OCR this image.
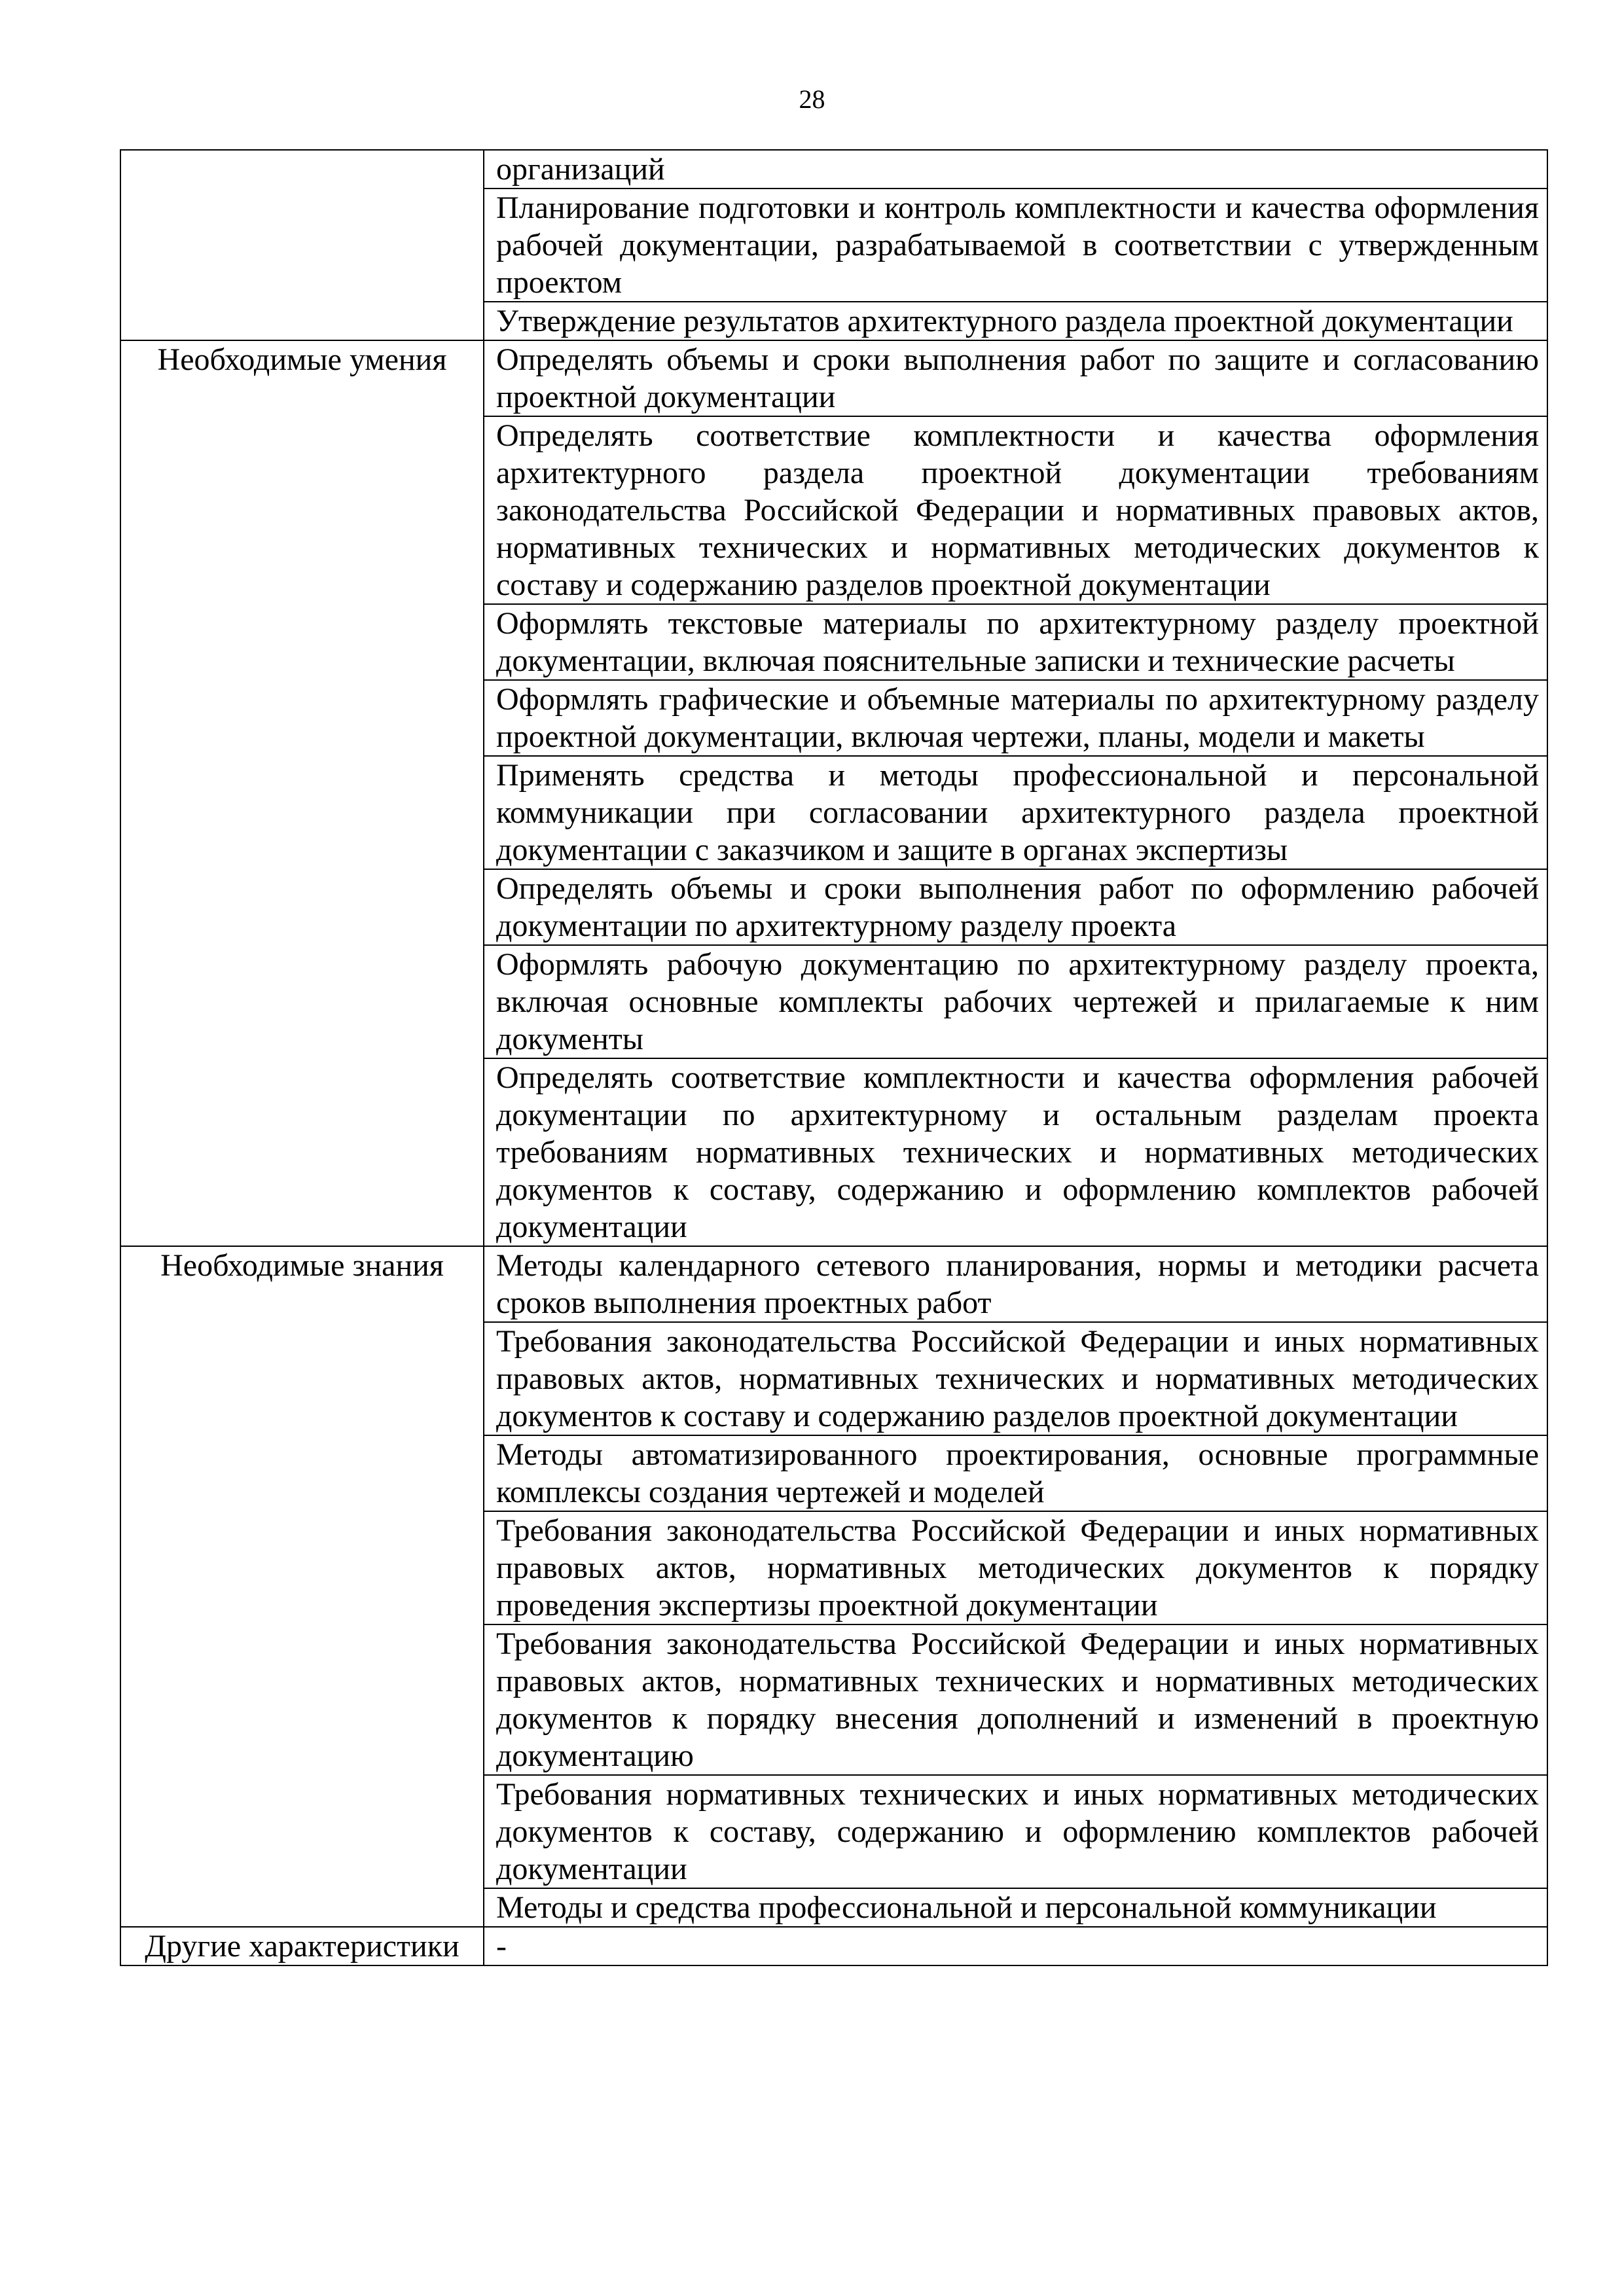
28
	организаций
	Планирование подготовки и контроль комплектности и качества оформления рабочей документации, разрабатываемой в соответствии с утвержденным проектом
	Утверждение результатов архитектурного раздела проектной документации
Необходимые умения	Определять объемы и сроки выполнения работ по защите и согласованию проектной документации
	Определять соответствие комплектности и качества оформления архитектурного раздела проектной документации требованиям законодательства Российской Федерации и нормативных правовых актов, нормативных технических и нормативных методических документов к составу и содержанию разделов проектной документации
	Оформлять текстовые материалы по архитектурному разделу проектной документации, включая пояснительные записки и технические расчеты
	Оформлять графические и объемные материалы по архитектурному разделу проектной документации, включая чертежи, планы, модели и макеты
	Применять средства и методы профессиональной и персональной коммуникации при согласовании архитектурного раздела проектной документации с заказчиком и защите в органах экспертизы
	Определять объемы и сроки выполнения работ по оформлению рабочей документации по архитектурному разделу проекта
	Оформлять рабочую документацию по архитектурному разделу проекта, включая основные комплекты рабочих чертежей и прилагаемые к ним документы
	Определять соответствие комплектности и качества оформления рабочей документации по архитектурному и остальным разделам проекта требованиям нормативных технических и нормативных методических документов к составу, содержанию и оформлению комплектов рабочей документации
Необходимые знания	Методы календарного сетевого планирования, нормы и методики расчета сроков выполнения проектных работ
	Требования законодательства Российской Федерации и иных нормативных правовых актов, нормативных технических и нормативных методических документов к составу и содержанию разделов проектной документации
	Методы автоматизированного проектирования, основные программные комплексы создания чертежей и моделей
	Требования законодательства Российской Федерации и иных нормативных правовых актов, нормативных методических документов к порядку проведения экспертизы проектной документации
	Требования законодательства Российской Федерации и иных нормативных правовых актов, нормативных технических и нормативных методических документов к порядку внесения дополнений и изменений в проектную документацию
	Требования нормативных технических и иных нормативных методических документов к составу, содержанию и оформлению комплектов рабочей документации
	Методы и средства профессиональной и персональной коммуникации
Другие характеристики	-
